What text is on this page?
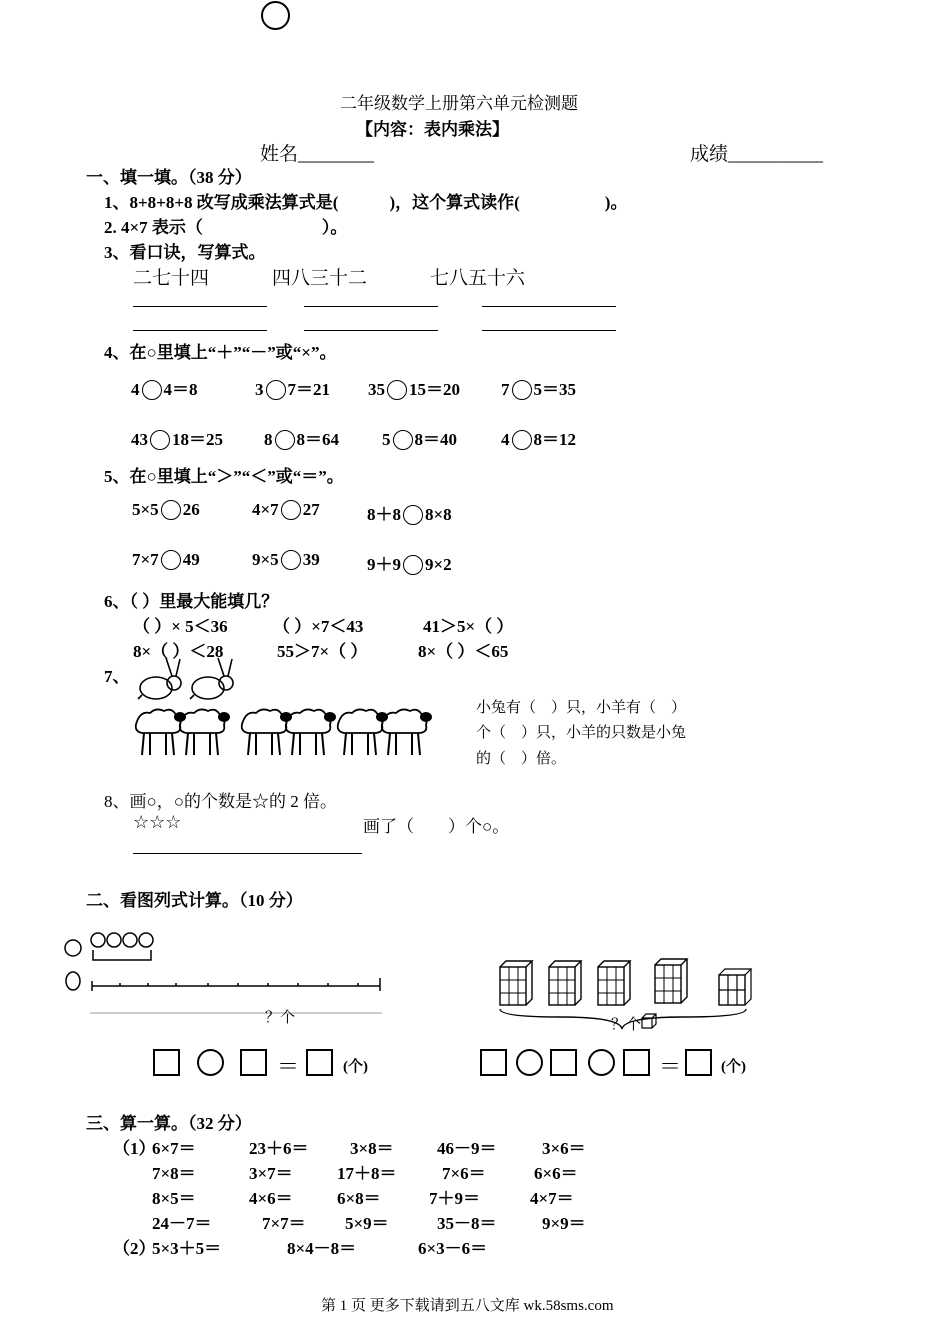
二年级数学上册第六单元检测题
【内容：表内乘法】
姓名________	成绩__________
一、填一填。（38 分）
1、8+8+8+8 改写成乘法算式是(　　　)，这个算式读作(　　　　　)。
2. 4×7 表示（　　　　　　　）。
3、看口诀，写算式。
二七十四	四八三十二	七八五十六
4、在○里填上“＋”“－”或“×”。
4 4＝8	3 7＝21 35 15＝20 7 5＝35
43 18＝25 8 8＝64	5 8＝40	4 8＝12
5、在○里填上“＞”“＜”或“＝”。
5×5 26	4×7 27	8＋8 8×8
7×7 49	9×5 39	9＋9 9×2
6、（ ）里最大能填几？
（ ）× 5＜36	（ ）×7＜43	41＞5×（ ）
8×（ ）＜28	55＞7×（ ）	8×（ ）＜65
7、
小兔有（　）只，小羊有（　）
个（　）只，小羊的只数是小兔
的（　）倍。
8、画○，○的个数是☆的 2 倍。
☆☆☆	画了（　　）个○。
二、看图列式计算。（10 分）
？个
＝	(个)
？个
＝	(个)
三、算一算。（32 分）
（1）
6×7＝	23＋6＝ 3×8＝	46－9＝	3×6＝
7×8＝	3×7＝	17＋8＝	7×6＝	6×6＝
8×5＝	4×6＝	6×8＝	7＋9＝	4×7＝
24－7＝	7×7＝ 5×9＝	35－8＝	9×9＝
（2）
5×3＋5＝	8×4－8＝	6×3－6＝
第 1 页 更多下载请到五八文库 wk.58sms.com
